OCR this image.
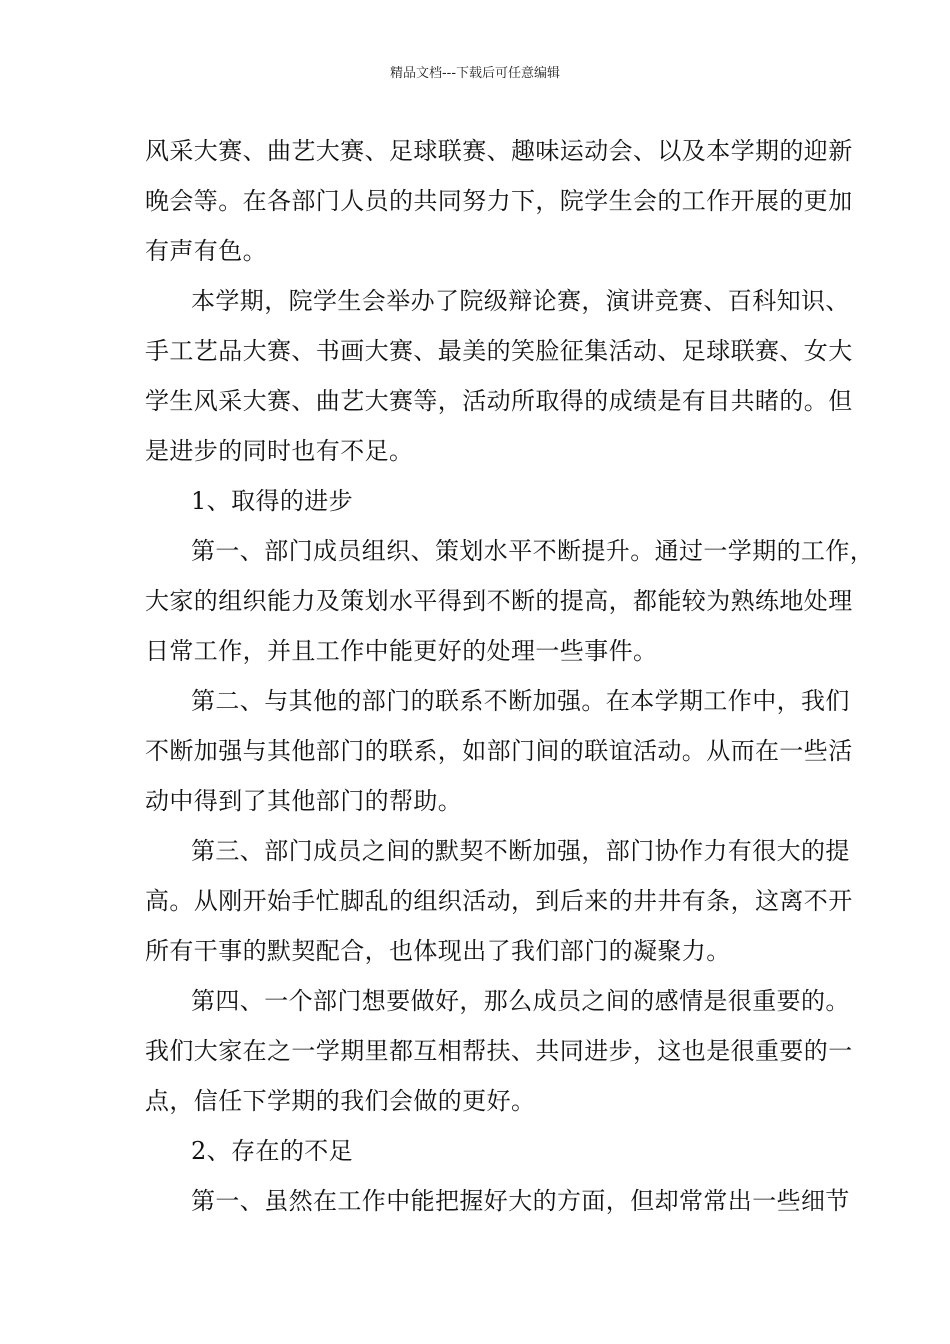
精品文档---下载后可任意编辑
风采大赛、曲艺大赛、足球联赛、趣味运动会、以及本学期的迎新
晚会等。在各部门人员的共同努力下，院学生会的工作开展的更加
有声有色。
本学期，院学生会举办了院级辩论赛，演讲竞赛、百科知识、
手工艺品大赛、书画大赛、最美的笑脸征集活动、足球联赛、女大
学生风采大赛、曲艺大赛等，活动所取得的成绩是有目共睹的。但
是进步的同时也有不足。
1、取得的进步
第一、部门成员组织、策划水平不断提升。通过一学期的工作，
大家的组织能力及策划水平得到不断的提高，都能较为熟练地处理
日常工作，并且工作中能更好的处理一些事件。
第二、与其他的部门的联系不断加强。在本学期工作中，我们
不断加强与其他部门的联系，如部门间的联谊活动。从而在一些活
动中得到了其他部门的帮助。
第三、部门成员之间的默契不断加强，部门协作力有很大的提
高。从刚开始手忙脚乱的组织活动，到后来的井井有条，这离不开
所有干事的默契配合，也体现出了我们部门的凝聚力。
第四、一个部门想要做好，那么成员之间的感情是很重要的。
我们大家在之一学期里都互相帮扶、共同进步，这也是很重要的一
点，信任下学期的我们会做的更好。
2、存在的不足
第一、虽然在工作中能把握好大的方面，但却常常出一些细节
